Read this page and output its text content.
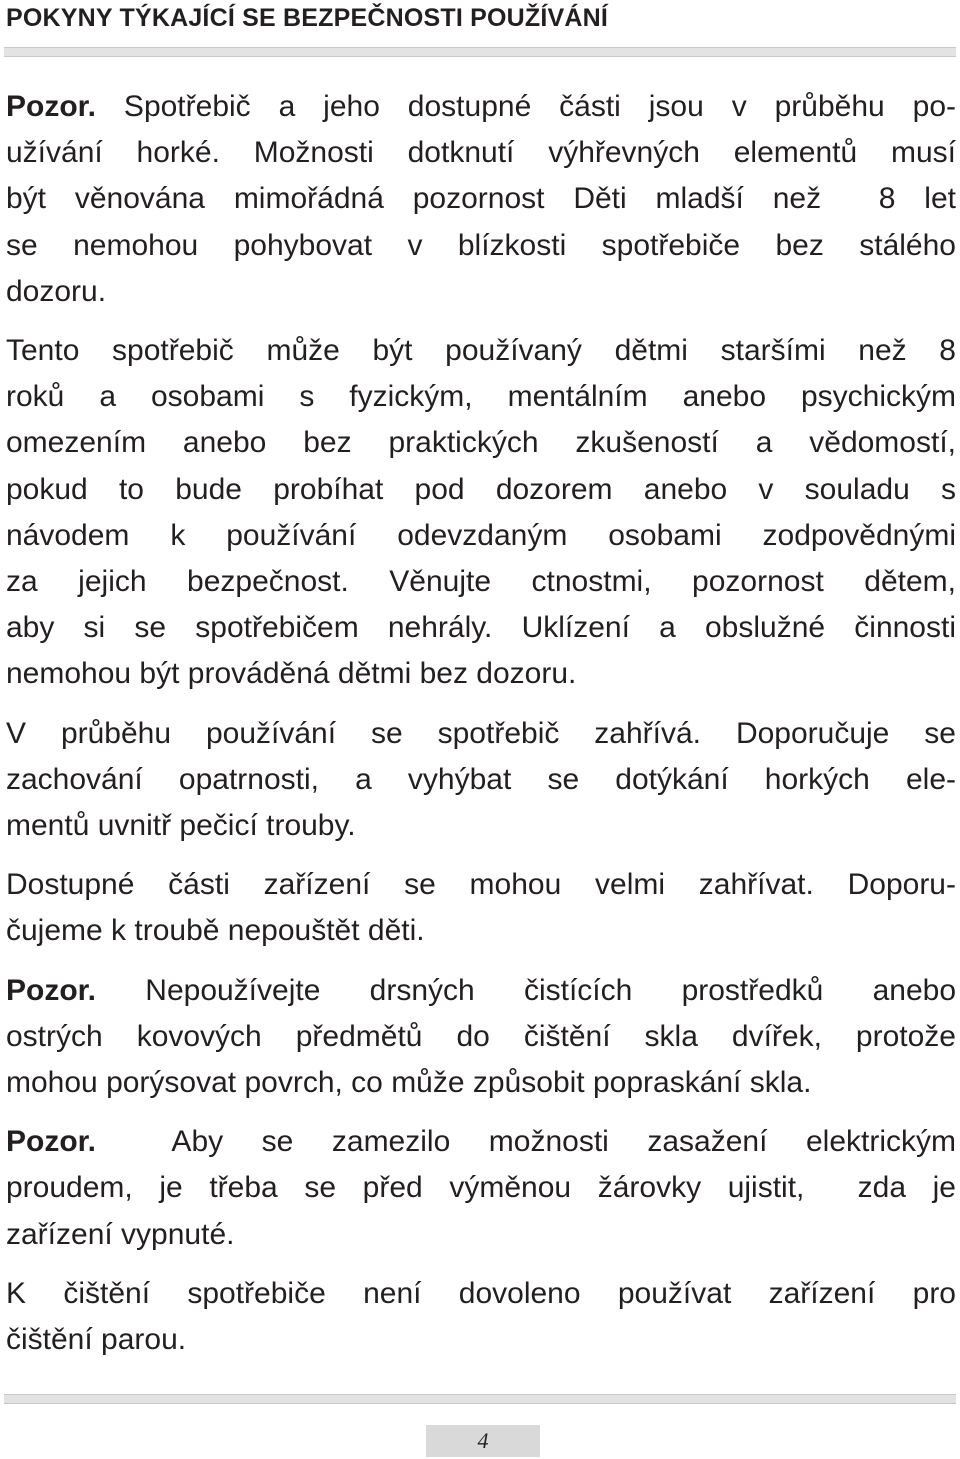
POKYNY TÝKAJÍCÍ SE BEZPEČNOSTI POUŽÍVÁNÍ
Pozor. Spotřebič a jeho dostupné části jsou v průběhu po-
užívání horké. Možnosti dotknutí výhřevných elementů musí
být věnována mimořádná pozornost Děti mladší než  8 let
se nemohou pohybovat v blízkosti spotřebiče bez stálého
dozoru.
Tento spotřebič může být používaný dětmi staršími než 8
roků a osobami s fyzickým, mentálním anebo psychickým
omezením anebo bez praktických zkušeností a vědomostí,
pokud to bude probíhat pod dozorem anebo v souladu s
návodem k používání odevzdaným osobami zodpovědnými
za jejich bezpečnost. Věnujte ctnostmi, pozornost dětem,
aby si se spotřebičem nehrály. Uklízení a obslužné činnosti
nemohou být prováděná dětmi bez dozoru.
V průběhu používání se spotřebič zahřívá. Doporučuje se
zachování opatrnosti, a vyhýbat se dotýkání horkých ele-
mentů uvnitř pečicí trouby.
Dostupné části zařízení se mohou velmi zahřívat. Doporu-
čujeme k troubě nepouštět děti.
Pozor. Nepoužívejte drsných čistících prostředků anebo
ostrých kovových předmětů do čištění skla dvířek, protože
mohou porýsovat povrch, co může způsobit popraskání skla.
Pozor.  Aby se zamezilo možnosti zasažení elektrickým
proudem, je třeba se před výměnou žárovky ujistit,  zda je
zařízení vypnuté.
K čištění spotřebiče není dovoleno používat zařízení pro
čištění parou.
4
